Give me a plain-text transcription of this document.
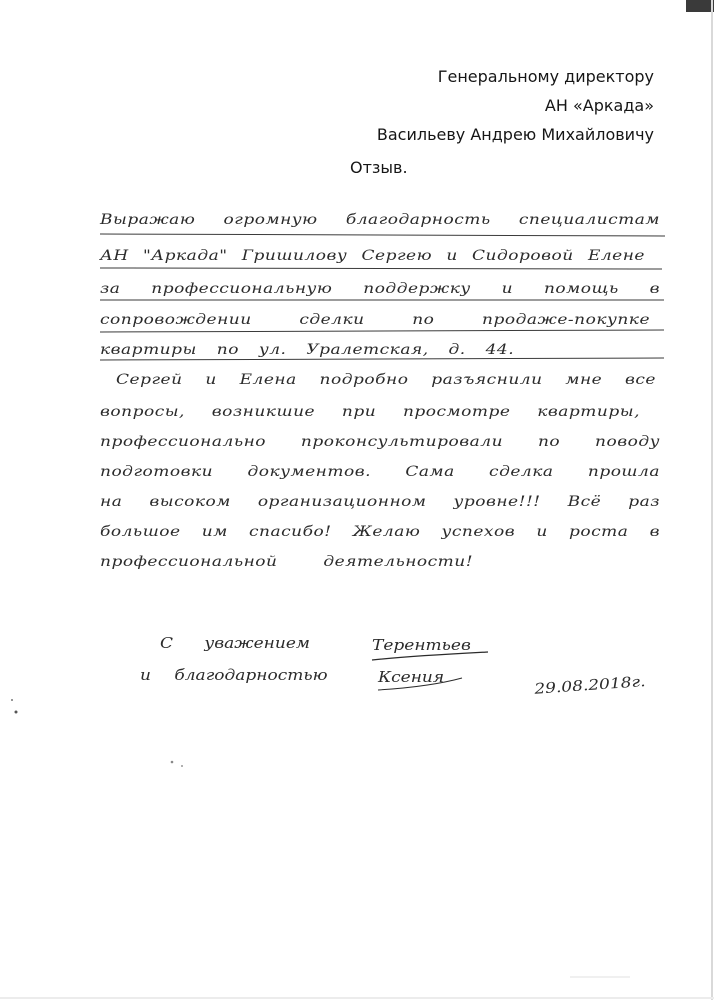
Генеральному директору
АН «Аркада»
Васильеву Андрею Михайловичу
Отзыв.
Выражаю огромную благодарность специалистам
АН "Аркада" Гришилову Сергею и Сидоровой Елене
за профессиональную поддержку и помощь в
сопровождении сделки по продаже-покупке
квартиры по ул. Уралетская, д. 44.
Сергей и Елена подробно разъяснили мне все
вопросы, возникшие при просмотре квартиры,
профессионально проконсультировали по поводу
подготовки документов. Сама сделка прошла
на высоком организационном уровне!!! Всё раз
большое им спасибо! Желаю успехов и роста в
профессиональной деятельности!
С уважением
и благодарностью
Терентьев
Ксения	29.08.2018г.
